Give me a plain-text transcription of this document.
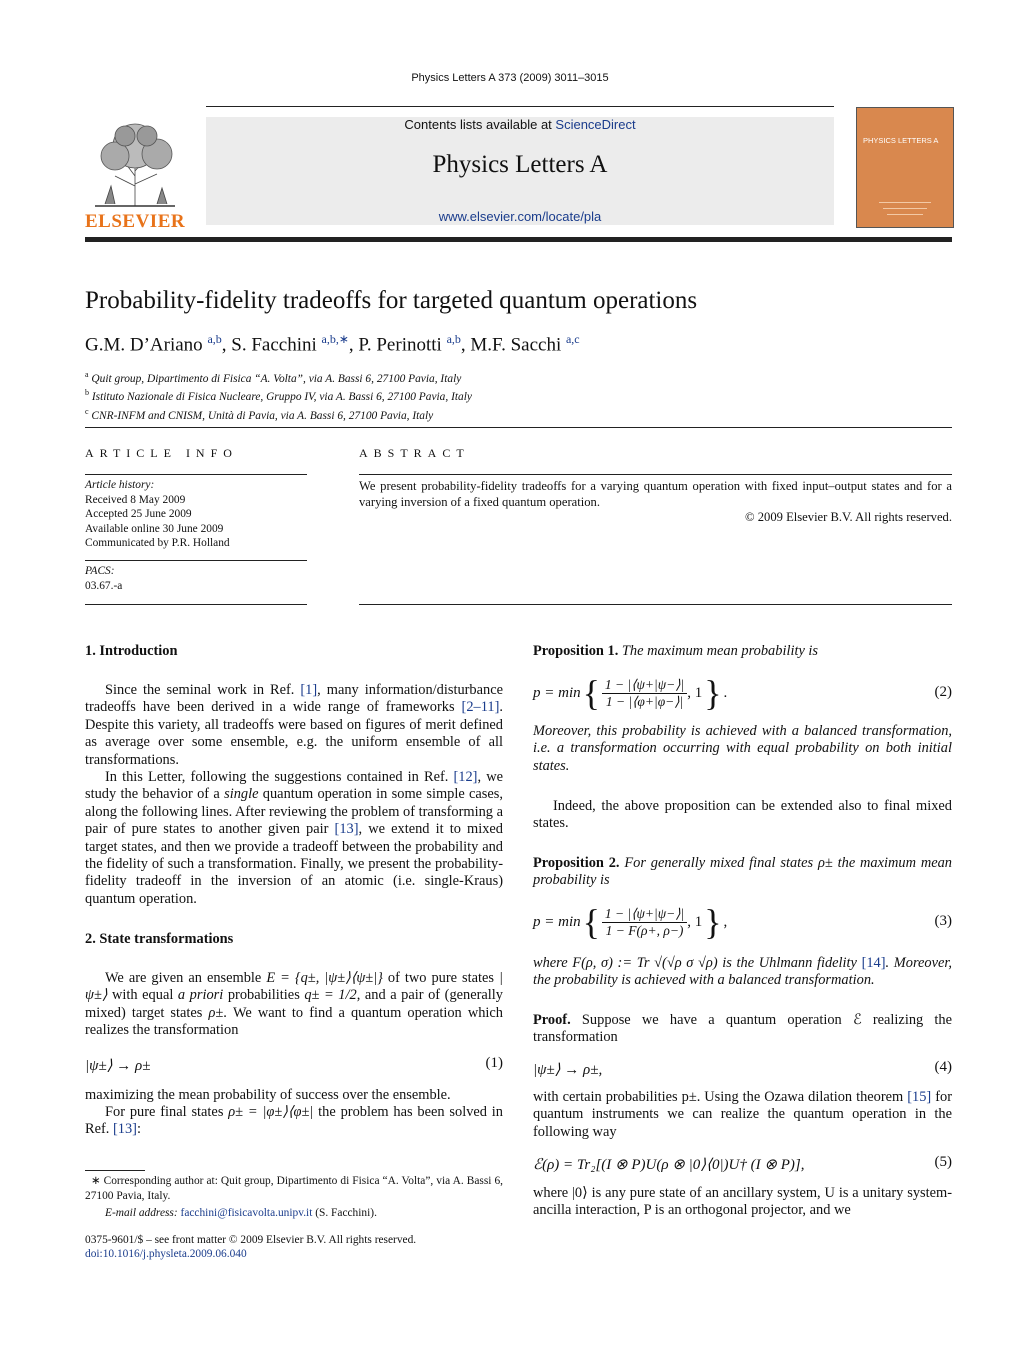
Physics Letters A 373 (2009) 3011–3015
ELSEVIER
Contents lists available at ScienceDirect
Physics Letters A
www.elsevier.com/locate/pla
PHYSICS LETTERS A
Probability-fidelity tradeoffs for targeted quantum operations
G.M. D’Ariano $^{a,b}$, S. Facchini $^{a,b,∗}$, P. Perinotti $^{a,b}$, M.F. Sacchi $^{a,c}$
$^a$ Quit group, Dipartimento di Fisica “A. Volta”, via A. Bassi 6, 27100 Pavia, Italy
$^b$ Istituto Nazionale di Fisica Nucleare, Gruppo IV, via A. Bassi 6, 27100 Pavia, Italy
$^c$ CNR-INFM and CNISM, Unità di Pavia, via A. Bassi 6, 27100 Pavia, Italy
ARTICLE INFO
Article history:
Received 8 May 2009
Accepted 25 June 2009
Available online 30 June 2009
Communicated by P.R. Holland
PACS:
03.67.-a
ABSTRACT
We present probability-fidelity tradeoffs for a varying quantum operation with fixed input–output states and for a varying inversion of a fixed quantum operation.
© 2009 Elsevier B.V. All rights reserved.
1. Introduction
Since the seminal work in Ref. [1], many information/disturbance tradeoffs have been derived in a wide range of frameworks [2–11]. Despite this variety, all tradeoffs were based on figures of merit defined as average over some ensemble, e.g. the uniform ensemble of all transformations.
In this Letter, following the suggestions contained in Ref. [12], we study the behavior of a single quantum operation in some simple cases, along the following lines. After reviewing the problem of transforming a pair of pure states to another given pair [13], we extend it to mixed target states, and then we provide a tradeoff between the probability and the fidelity of such a transformation. Finally, we present the probability-fidelity tradeoff in the inversion of an atomic (i.e. single-Kraus) quantum operation.
2. State transformations
We are given an ensemble E = {q±, |ψ±⟩⟨ψ±|} of two pure states |ψ±⟩ with equal a priori probabilities q± = 1/2, and a pair of (generally mixed) target states ρ±. We want to find a quantum operation which realizes the transformation
|ψ±⟩ → ρ±	(1)
maximizing the mean probability of success over the ensemble.
For pure final states ρ± = |φ±⟩⟨φ±| the problem has been solved in Ref. [13]:
∗ Corresponding author at: Quit group, Dipartimento di Fisica “A. Volta”, via A. Bassi 6, 27100 Pavia, Italy.
E-mail address: facchini@fisicavolta.unipv.it (S. Facchini).
0375-9601/$ – see front matter © 2009 Elsevier B.V. All rights reserved.
doi:10.1016/j.physleta.2009.06.040
Proposition 1. The maximum mean probability is
p = min { $\frac{1 - |⟨\psi+|\psi-⟩|}{1 - |⟨\varphi+|\varphi-⟩|}$ , 1 } .	(2)
Moreover, this probability is achieved with a balanced transformation, i.e. a transformation occurring with equal probability on both initial states.
Indeed, the above proposition can be extended also to final mixed states.
Proposition 2. For generally mixed final states ρ± the maximum mean probability is
p = min { $\frac{1 - |⟨\psi+|\psi-⟩|}{1 - F(\rho+, \rho-)}$ , 1 } ,	(3)
where F(ρ, σ) := Tr √(√ρ σ √ρ) is the Uhlmann fidelity [14]. Moreover, the probability is achieved with a balanced transformation.
Proof. Suppose we have a quantum operation ℰ realizing the transformation
|ψ±⟩ → ρ±,	(4)
with certain probabilities p±. Using the Ozawa dilation theorem [15] for quantum instruments we can realize the quantum operation in the following way
ℰ(ρ) = Tr₂[(I ⊗ P)U(ρ ⊗ |0⟩⟨0|)U† (I ⊗ P)],	(5)
where |0⟩ is any pure state of an ancillary system, U is a unitary system-ancilla interaction, P is an orthogonal projector, and we
